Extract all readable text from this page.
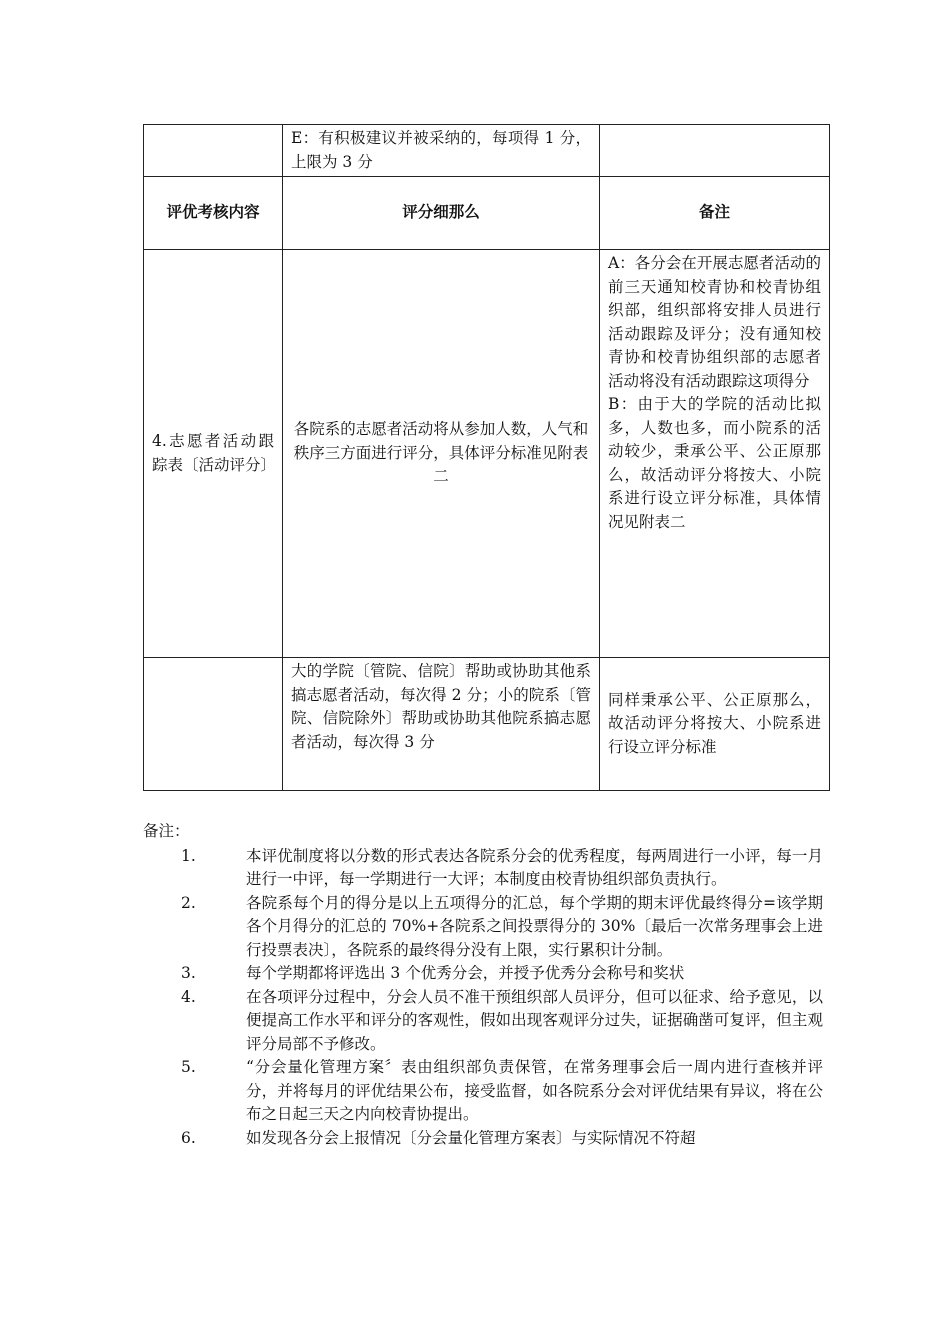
	E：有积极建议并被采纳的，每项得 1 分，上限为 3 分	
评优考核内容	评分细那么	备注
4.志愿者活动跟踪表〔活动评分〕	各院系的志愿者活动将从参加人数，人气和秩序三方面进行评分，具体评分标准见附表二	A：各分会在开展志愿者活动的前三天通知校青协和校青协组织部，组织部将安排人员进行活动跟踪及评分；没有通知校青协和校青协组织部的志愿者活动将没有活动跟踪这项得分
B：由于大的学院的活动比拟多，人数也多，而小院系的活动较少，秉承公平、公正原那么，故活动评分将按大、小院系进行设立评分标准，具体情况见附表二

	大的学院〔管院、信院〕帮助或协助其他系搞志愿者活动，每次得 2 分；小的院系〔管院、信院除外〕帮助或协助其他院系搞志愿者活动，每次得 3 分	同样秉承公平、公正原那么，故活动评分将按大、小院系进行设立评分标准

备注：

1.	本评优制度将以分数的形式表达各院系分会的优秀程度，每两周进行一小评，每一月进行一中评，每一学期进行一大评；本制度由校青协组织部负责执行。

2.	各院系每个月的得分是以上五项得分的汇总，每个学期的期末评优最终得分=该学期各个月得分的汇总的 70%+各院系之间投票得分的 30%〔最后一次常务理事会上进行投票表决〕，各院系的最终得分没有上限，实行累积计分制。

3.	每个学期都将评选出 3 个优秀分会，并授予优秀分会称号和奖状

4.	在各项评分过程中，分会人员不准干预组织部人员评分，但可以征求、给予意见，以便提高工作水平和评分的客观性，假如出现客观评分过失，证据确凿可复评，但主观评分局部不予修改。

5.	“分会量化管理方案〞表由组织部负责保管，在常务理事会后一周内进行查核并评分，并将每月的评优结果公布，接受监督，如各院系分会对评优结果有异议，将在公布之日起三天之内向校青协提出。

6.	如发现各分会上报情况〔分会量化管理方案表〕与实际情况不符超
